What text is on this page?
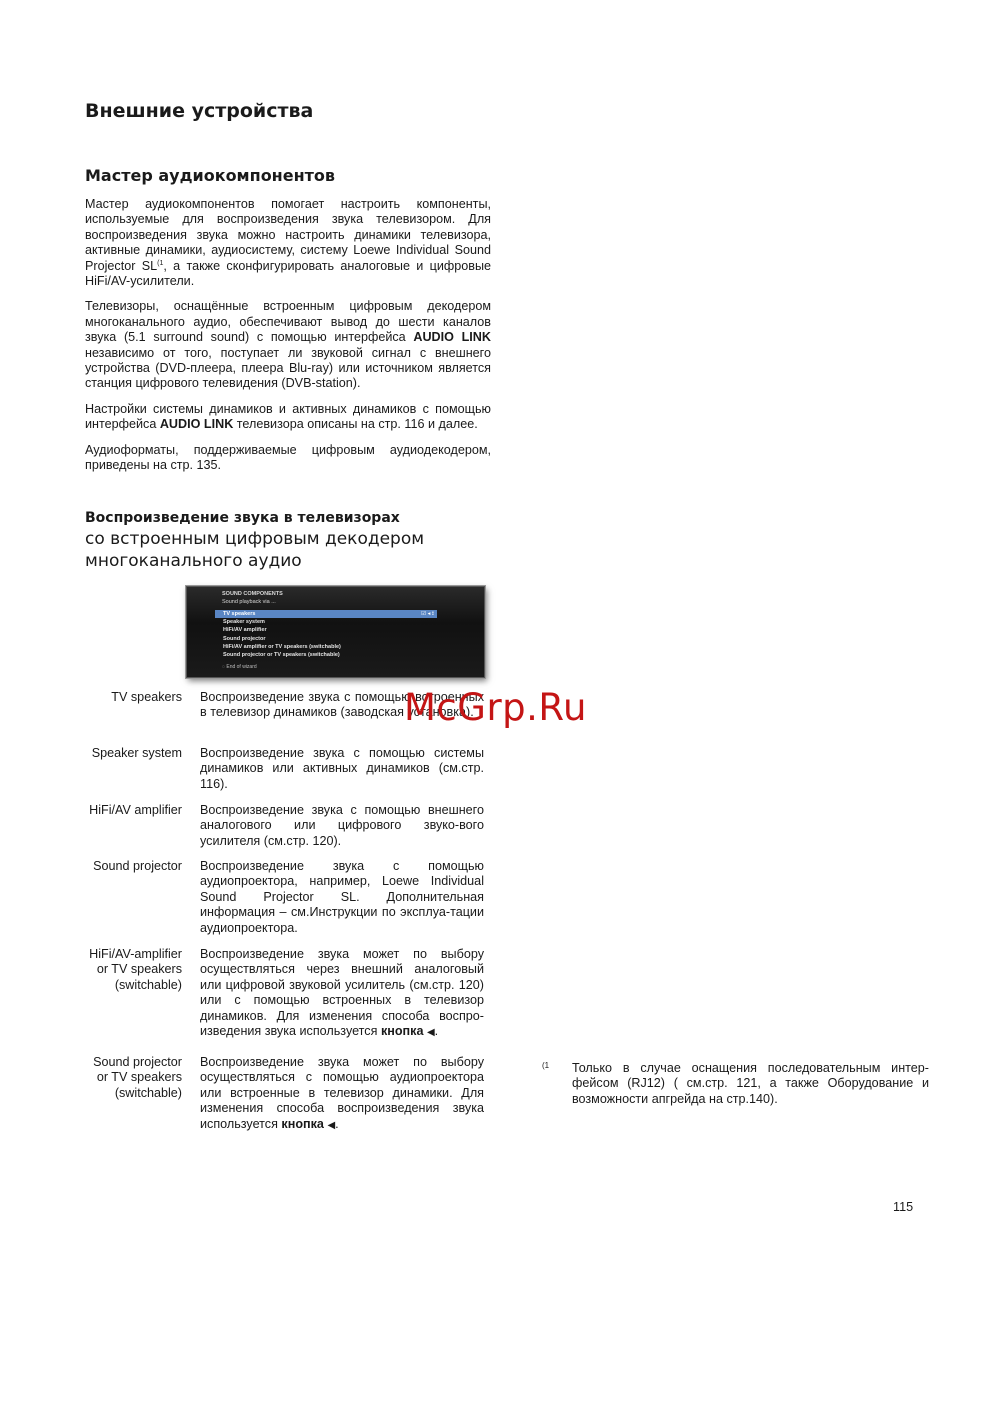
Внешние устройства
Мастер аудиокомпонентов

Мастер аудиокомпонентов помогает настроить компоненты, используемые для воспроизведения звука телевизором. Для воспроизведения звука можно настроить динамики телевизора, активные динамики, аудиосистему, систему Loewe Individual Sound Projector SL$^{(1}$, а также сконфигурировать аналоговые и цифровые HiFi/AV-усилители.

Телевизоры, оснащённые встроенным цифровым декодером многоканального аудио, обеспечивают вывод до шести каналов звука (5.1 surround sound) с помощью интерфейса AUDIO LINK независимо от того, поступает ли звуковой сигнал с внешнего устройства (DVD-плеера, плеера Blu-ray) или источником является станция цифрового телевидения (DVB-station).

Настройки системы динамиков и активных динамиков с помощью интерфейса AUDIO LINK телевизора описаны на стр. 116 и далее.

Аудиоформаты, поддерживаемые цифровым аудиодекодером, приведены на стр. 135.

Воспроизведение звука в телевизорах
со встроенным цифровым декодером многоканального аудио
SOUND COMPONENTS
Sound playback via ...
TV speakers	☑ ◂ ⁝
Speaker system
HiFi/AV amplifier
Sound projector
HiFi/AV amplifier or TV speakers (switchable)
Sound projector or TV speakers (switchable)
◌ End of wizard
TV speakers Воспроизведение звука с помощью встроенных в телевизор динамиков (заводская установка).
Speaker system Воспроизведение звука с помощью системы динамиков или активных динамиков (см.стр. 116).
HiFi/AV amplifier Воспроизведение звука с помощью внешнего аналогового или цифрового звуко-вого усилителя (см.стр. 120).
Sound projector Воспроизведение звука с помощью аудиопроектора, например, Loewe Individual Sound Projector SL. Дополнительная информация – см.Инструкции по эксплуа-тации аудиопроектора.
HiFi/AV-amplifier or TV speakers (switchable)
Воспроизведение звука может по выбору осуществляться через внешний аналоговый или цифровой звуковой усилитель (см.стр. 120) или с помощью встроенных в телевизор динамиков. Для изменения способа воспро-изведения звука используется кнопка ◀.
Sound projector or TV speakers (switchable)
Воспроизведение звука может по выбору осуществляться с помощью аудиопроектора или встроенные в телевизор динамики. Для изменения способа воспроизведения звука используется кнопка ◀.
McGrp.Ru
(1 Только в случае оснащения последовательным интер-фейсом (RJ12) ( см.стр. 121, а также Оборудование и возможности апгрейда на стр.140).
115
